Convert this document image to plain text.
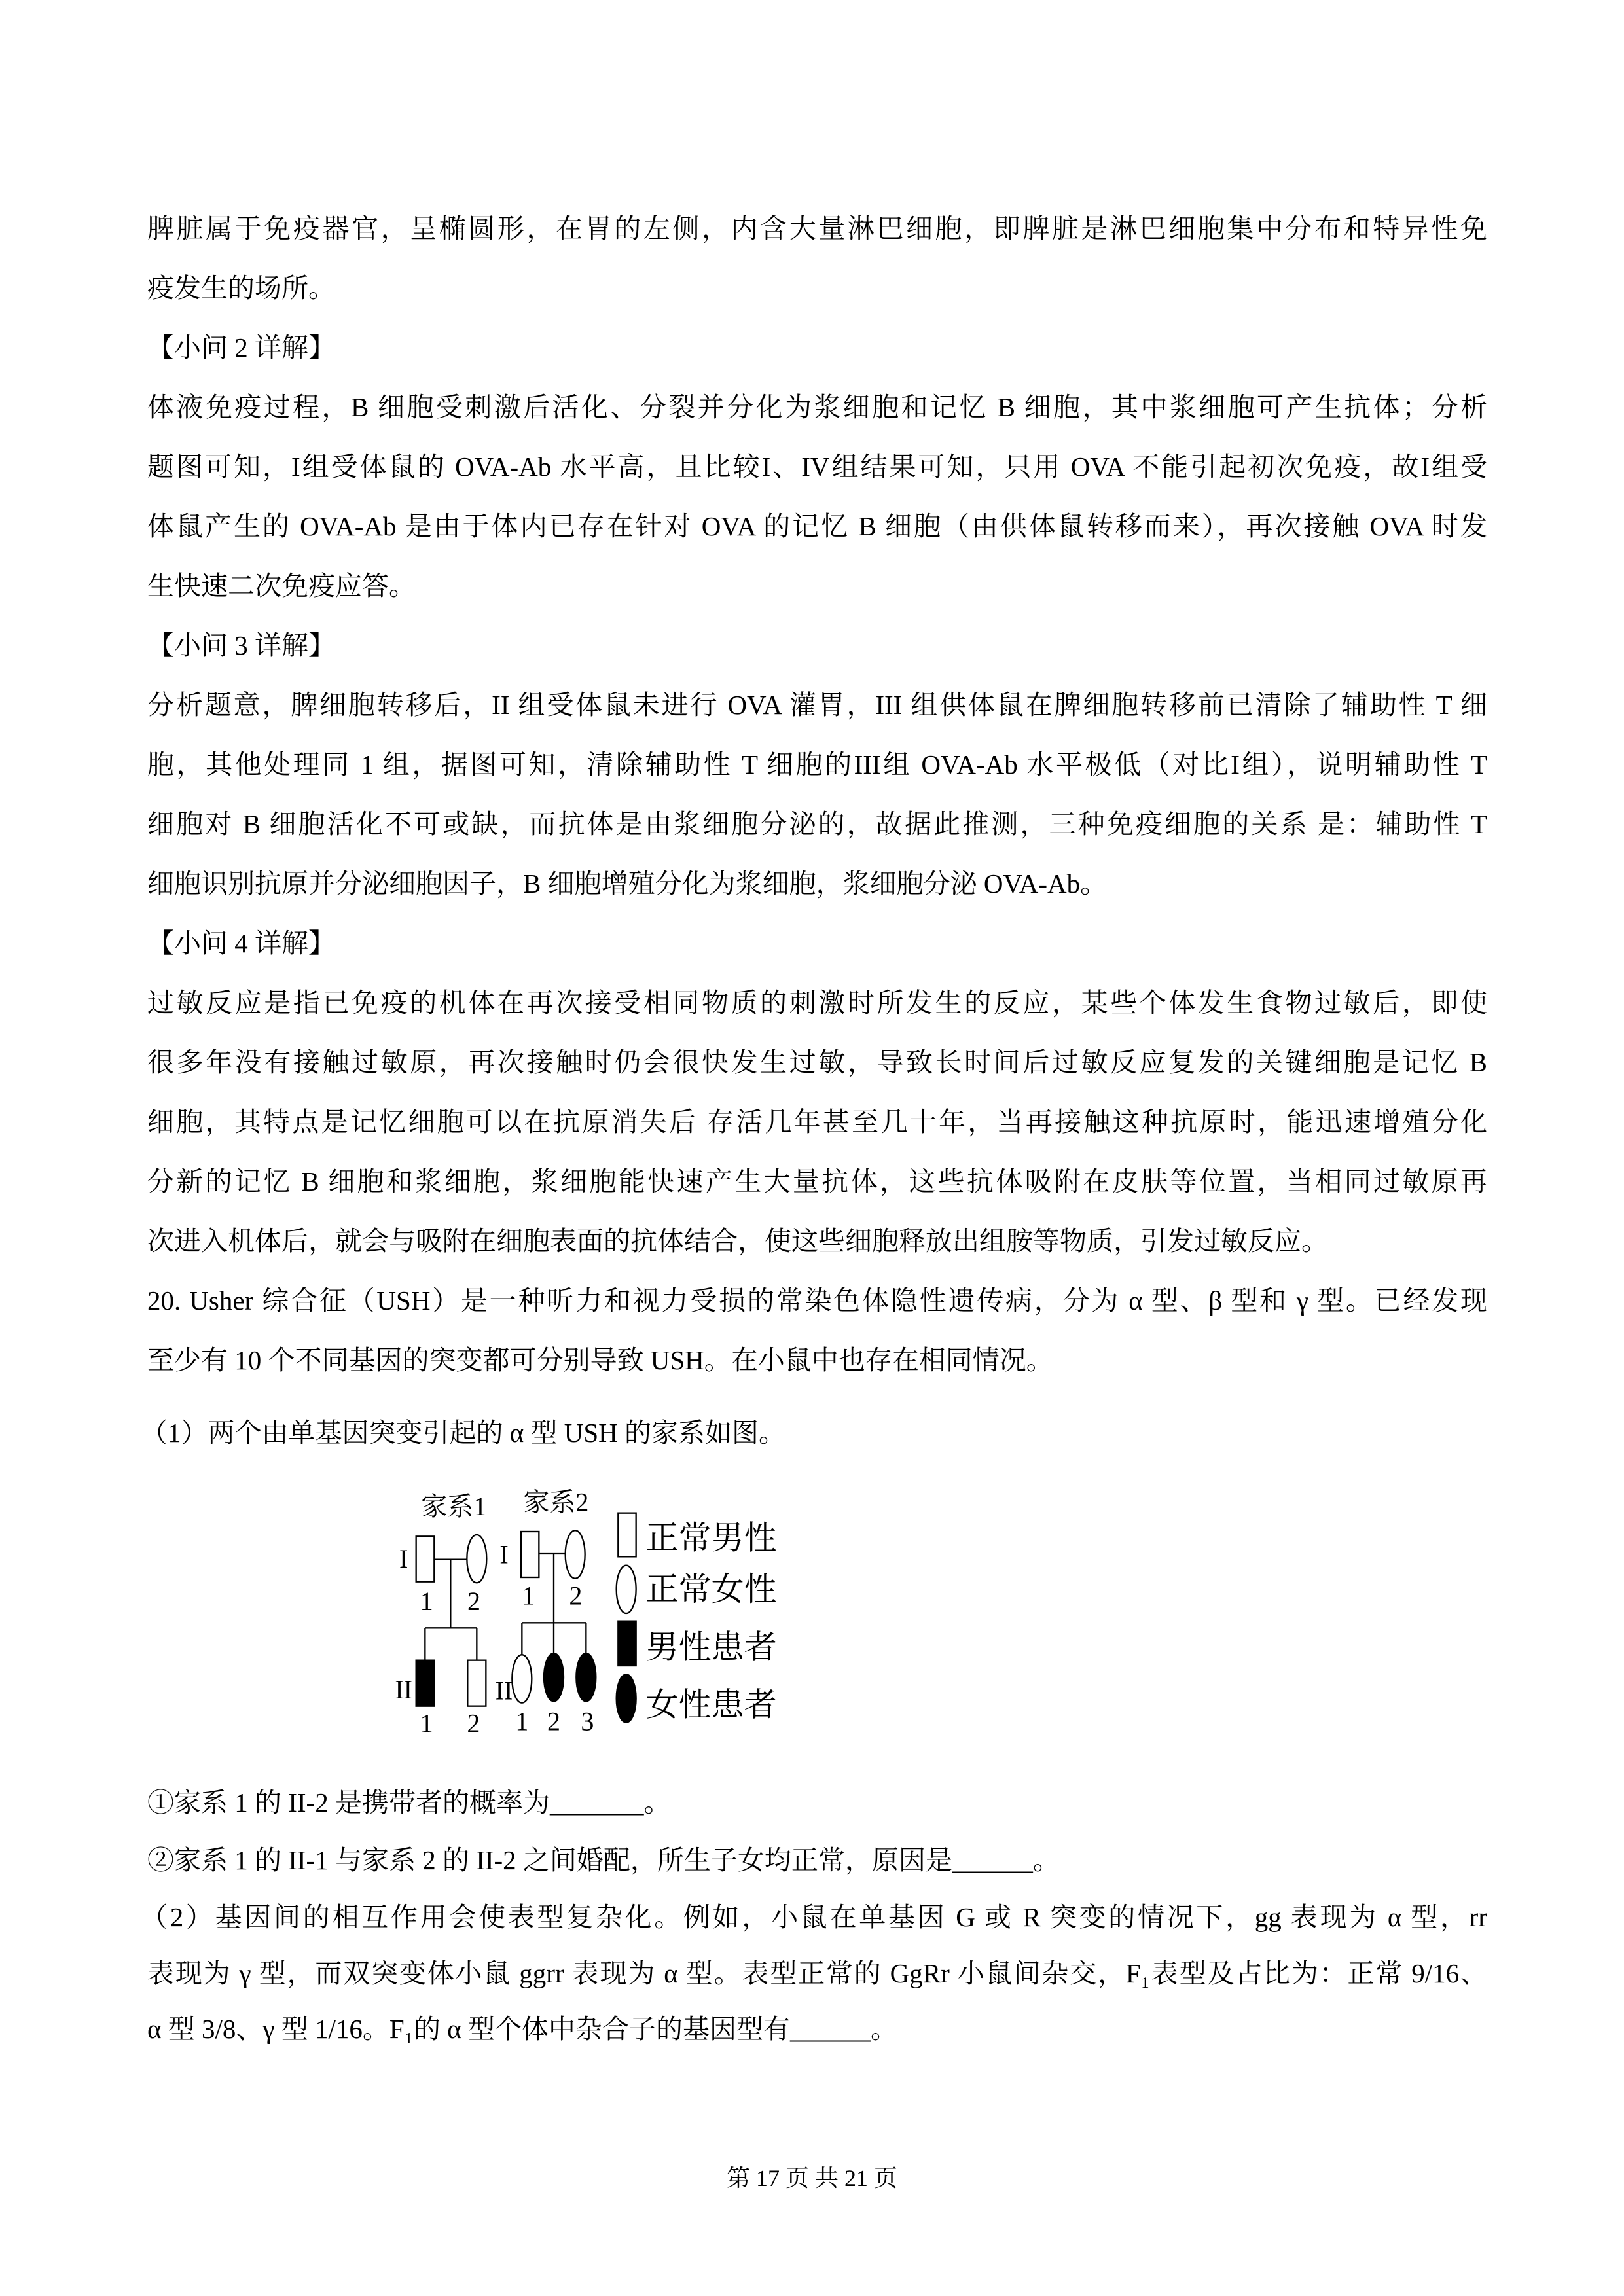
脾脏属于免疫器官，呈椭圆形，在胃的左侧，内含大量淋巴细胞，即脾脏是淋巴细胞集中分布和特异性免
疫发生的场所。
【小问 2 详解】
体液免疫过程，B 细胞受刺激后活化、分裂并分化为浆细胞和记忆 B 细胞，其中浆细胞可产生抗体；分析
题图可知，I组受体鼠的 OVA-Ab 水平高，且比较I、IV组结果可知，只用 OVA 不能引起初次免疫，故I组受
体鼠产生的 OVA-Ab 是由于体内已存在针对 OVA 的记忆 B 细胞（由供体鼠转移而来），再次接触 OVA 时发
生快速二次免疫应答。
【小问 3 详解】
分析题意，脾细胞转移后，II 组受体鼠未进行 OVA 灌胃，III 组供体鼠在脾细胞转移前已清除了辅助性 T 细
胞，其他处理同 1 组，据图可知，清除辅助性 T 细胞的III组 OVA-Ab 水平极低（对比I组），说明辅助性 T
细胞对 B 细胞活化不可或缺，而抗体是由浆细胞分泌的，故据此推测，三种免疫细胞的关系 是：辅助性 T
细胞识别抗原并分泌细胞因子，B 细胞增殖分化为浆细胞，浆细胞分泌 OVA-Ab。
【小问 4 详解】
过敏反应是指已免疫的机体在再次接受相同物质的刺激时所发生的反应，某些个体发生食物过敏后，即使
很多年没有接触过敏原，再次接触时仍会很快发生过敏，导致长时间后过敏反应复发的关键细胞是记忆 B
细胞，其特点是记忆细胞可以在抗原消失后 存活几年甚至几十年，当再接触这种抗原时，能迅速增殖分化
分新的记忆 B 细胞和浆细胞，浆细胞能快速产生大量抗体，这些抗体吸附在皮肤等位置，当相同过敏原再
次进入机体后，就会与吸附在细胞表面的抗体结合，使这些细胞释放出组胺等物质，引发过敏反应。
20. Usher 综合征（USH）是一种听力和视力受损的常染色体隐性遗传病，分为 α 型、β 型和 γ 型。已经发现
至少有 10 个不同基因的突变都可分别导致 USH。在小鼠中也存在相同情况。
（1）两个由单基因突变引起的 α 型 USH 的家系如图。
家系1 家系2
I
II
I
II
1 2
1 2
1 2
1 2 3
正常男性
正常女性
男性患者
女性患者
①家系 1 的 II-2 是携带者的概率为_______。
②家系 1 的 II-1 与家系 2 的 II-2 之间婚配，所生子女均正常，原因是______。
（2）基因间的相互作用会使表型复杂化。例如，小鼠在单基因 G 或 R 突变的情况下，gg 表现为 α 型，rr
表现为 γ 型，而双突变体小鼠 ggrr 表现为 α 型。表型正常的 GgRr 小鼠间杂交，F₁表型及占比为：正常 9/16、
α 型 3/8、γ 型 1/16。F₁的 α 型个体中杂合子的基因型有______。
第 17 页 共 21 页
